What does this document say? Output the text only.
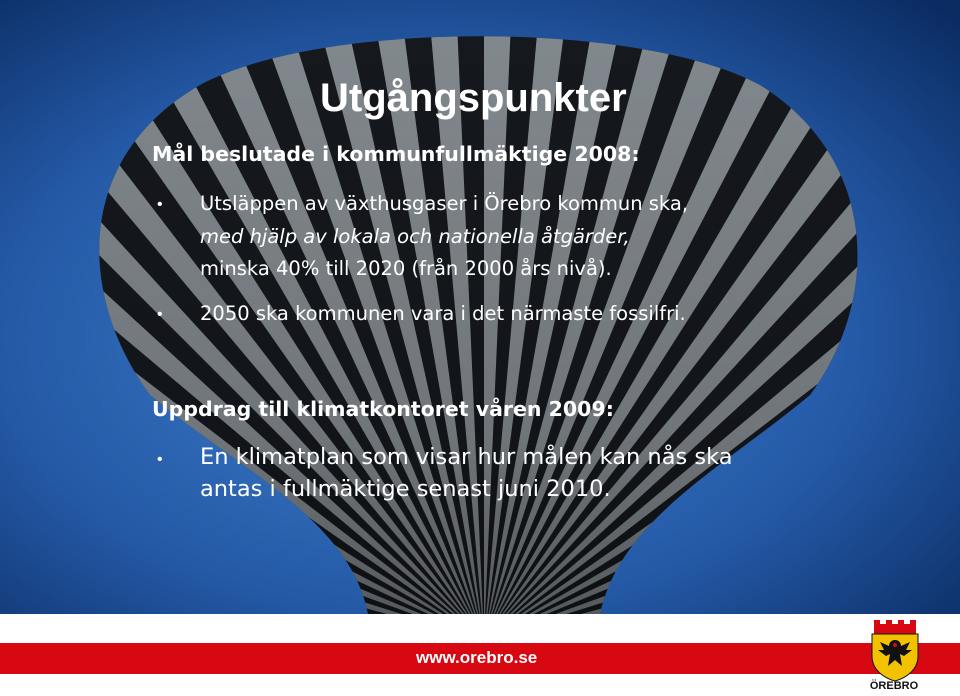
Utgångspunkter
Mål beslutade i kommunfullmäktige 2008:
• Utsläppen av växthusgaser i Örebro kommun ska,
med hjälp av lokala och nationella åtgärder,
minska 40% till 2020 (från 2000 års nivå).
• 2050 ska kommunen vara i det närmaste fossilfri.
Uppdrag till klimatkontoret våren 2009:
• En klimatplan som visar hur målen kan nås ska
antas i fullmäktige senast juni 2010.
www.orebro.se
ÖREBRO
